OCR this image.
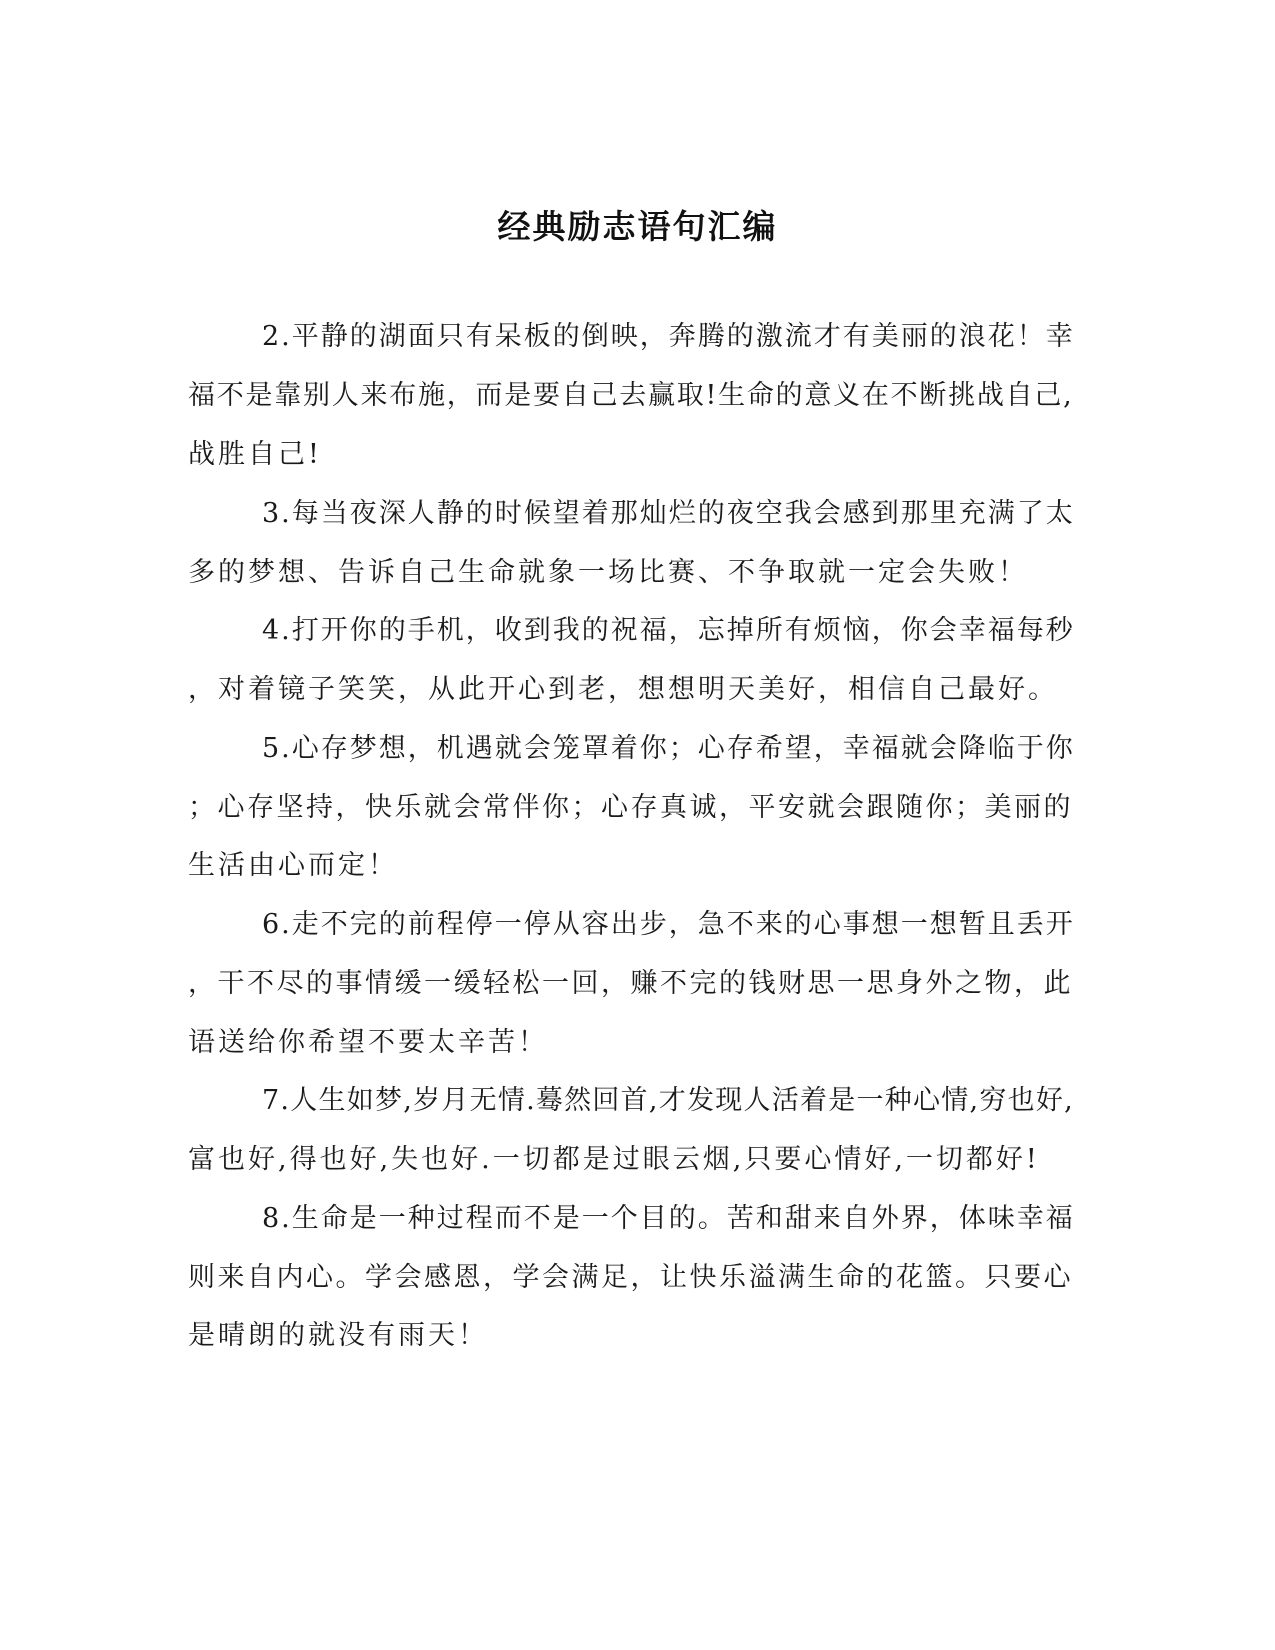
经典励志语句汇编
2.平静的湖面只有呆板的倒映，奔腾的激流才有美丽的浪花！幸
福不是靠别人来布施，而是要自己去赢取!生命的意义在不断挑战自己,
战胜自己!
3.每当夜深人静的时候望着那灿烂的夜空我会感到那里充满了太
多的梦想、告诉自己生命就象一场比赛、不争取就一定会失败！
4.打开你的手机，收到我的祝福，忘掉所有烦恼，你会幸福每秒
，对着镜子笑笑，从此开心到老，想想明天美好，相信自己最好。
5.心存梦想，机遇就会笼罩着你；心存希望，幸福就会降临于你
；心存坚持，快乐就会常伴你；心存真诚，平安就会跟随你；美丽的
生活由心而定！
6.走不完的前程停一停从容出步，急不来的心事想一想暂且丢开
，干不尽的事情缓一缓轻松一回，赚不完的钱财思一思身外之物，此
语送给你希望不要太辛苦！
7.人生如梦,岁月无情.蓦然回首,才发现人活着是一种心情,穷也好,
富也好,得也好,失也好.一切都是过眼云烟,只要心情好,一切都好!
8.生命是一种过程而不是一个目的。苦和甜来自外界，体味幸福
则来自内心。学会感恩，学会满足，让快乐溢满生命的花篮。只要心
是晴朗的就没有雨天！
